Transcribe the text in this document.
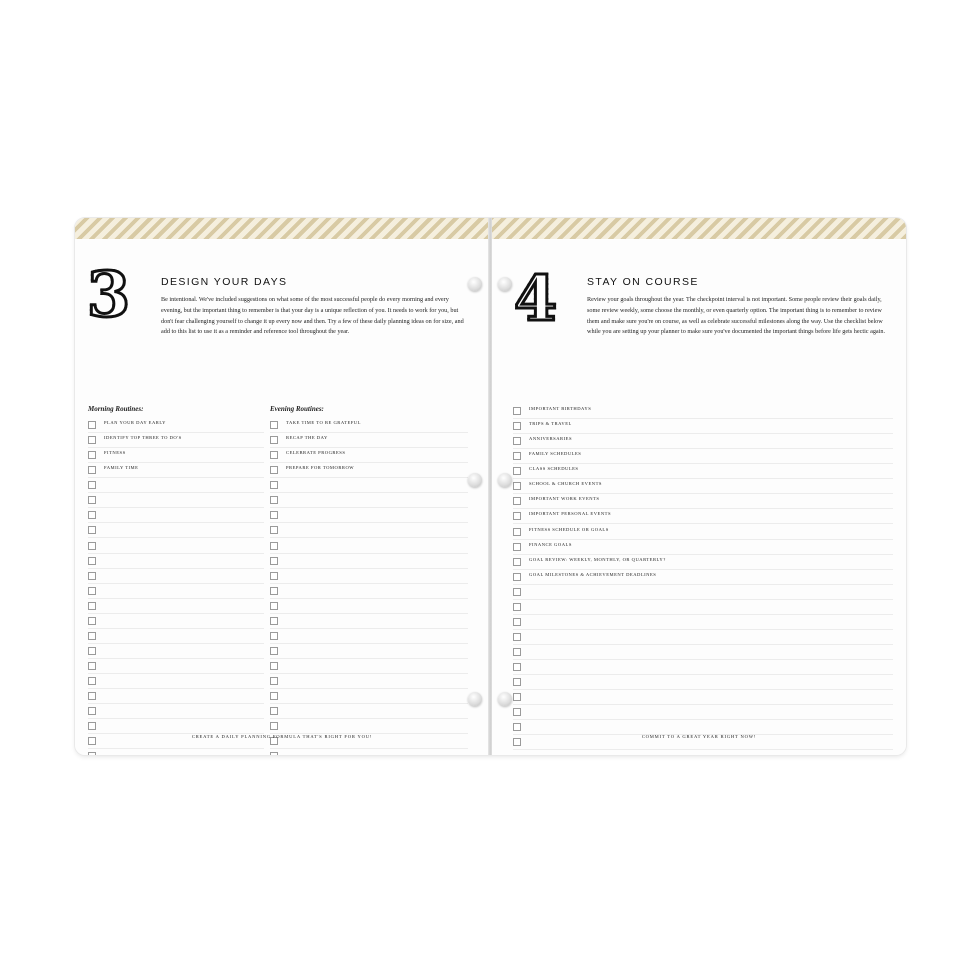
3	DESIGN YOUR DAYS
Be intentional. We've included suggestions on what some of the most successful people do every morning and every evening, but the important thing to remember is that your day is a unique reflection of you. It needs to work for you, but don't fear challenging yourself to change it up every now and then. Try a few of these daily planning ideas on for size, and add to this list to use it as a reminder and reference tool throughout the year.
Morning Routines:
PLAN YOUR DAY EARLY
IDENTIFY TOP THREE TO DO'S
FITNESS
FAMILY TIME
Evening Routines:
TAKE TIME TO BE GRATEFUL
RECAP THE DAY
CELEBRATE PROGRESS
PREPARE FOR TOMORROW
CREATE A DAILY PLANNING FORMULA THAT'S RIGHT FOR YOU!
4	STAY ON COURSE
Review your goals throughout the year. The checkpoint interval is not important. Some people review their goals daily, some review weekly, some choose the monthly, or even quarterly option. The important thing is to remember to review them and make sure you're on course, as well as celebrate successful milestones along the way. Use the checklist below while you are setting up your planner to make sure you've documented the important things before life gets hectic again.
IMPORTANT BIRTHDAYS
TRIPS & TRAVEL
ANNIVERSARIES
FAMILY SCHEDULES
CLASS SCHEDULES
SCHOOL & CHURCH EVENTS
IMPORTANT WORK EVENTS
IMPORTANT PERSONAL EVENTS
FITNESS SCHEDULE OR GOALS
FINANCE GOALS
GOAL REVIEW: WEEKLY, MONTHLY, OR QUARTERLY?
GOAL MILESTONES & ACHIEVEMENT DEADLINES
COMMIT TO A GREAT YEAR RIGHT NOW!
